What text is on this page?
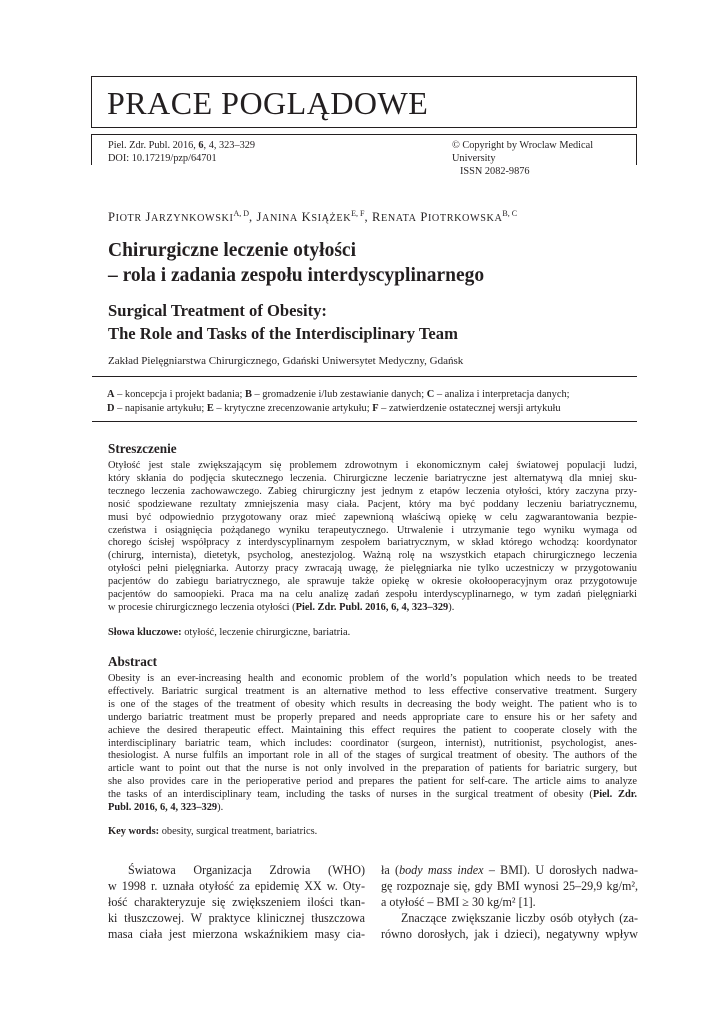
PRACE POGLĄDOWE
Piel. Zdr. Publ. 2016, 6, 4, 323–329
DOI: 10.17219/pzp/64701
© Copyright by Wroclaw Medical University
ISSN 2082-9876
PIOTR $JARZYNKOWSKI^{A, D}$, JANINA $KSIĄŻEK^{E, F}$, RENATA $PIOTRKOWSKA^{B, C}$
Chirurgiczne leczenie otyłości
– rola i zadania zespołu interdyscyplinarnego
Surgical Treatment of Obesity:
The Role and Tasks of the Interdisciplinary Team
Zakład Pielęgniarstwa Chirurgicznego, Gdański Uniwersytet Medyczny, Gdańsk
A – koncepcja i projekt badania; B – gromadzenie i/lub zestawianie danych; C – analiza i interpretacja danych;
D – napisanie artykułu; E – krytyczne zrecenzowanie artykułu; F – zatwierdzenie ostatecznej wersji artykułu
Streszczenie
Otyłość jest stale zwiększającym się problemem zdrowotnym i ekonomicznym całej światowej populacji ludzi,
który skłania do podjęcia skutecznego leczenia. Chirurgiczne leczenie bariatryczne jest alternatywą dla mniej sku-
tecznego leczenia zachowawczego. Zabieg chirurgiczny jest jednym z etapów leczenia otyłości, który zaczyna przy-
nosić spodziewane rezultaty zmniejszenia masy ciała. Pacjent, który ma być poddany leczeniu bariatrycznemu,
musi być odpowiednio przygotowany oraz mieć zapewnioną właściwą opiekę w celu zagwarantowania bezpie-
czeństwa i osiągnięcia pożądanego wyniku terapeutycznego. Utrwalenie i utrzymanie tego wyniku wymaga od
chorego ścisłej współpracy z interdyscyplinarnym zespołem bariatrycznym, w skład którego wchodzą: koordynator
(chirurg, internista), dietetyk, psycholog, anestezjolog. Ważną rolę na wszystkich etapach chirurgicznego leczenia
otyłości pełni pielęgniarka. Autorzy pracy zwracają uwagę, że pielęgniarka nie tylko uczestniczy w przygotowaniu
pacjentów do zabiegu bariatrycznego, ale sprawuje także opiekę w okresie okołooperacyjnym oraz przygotowuje
pacjentów do samoopieki. Praca ma na celu analizę zadań zespołu interdyscyplinarnego, w tym zadań pielęgniarki
w procesie chirurgicznego leczenia otyłości (Piel. Zdr. Publ. 2016, 6, 4, 323–329).
Słowa kluczowe: otyłość, leczenie chirurgiczne, bariatria.
Abstract
Obesity is an ever-increasing health and economic problem of the world’s population which needs to be treated
effectively. Bariatric surgical treatment is an alternative method to less effective conservative treatment. Surgery
is one of the stages of the treatment of obesity which results in decreasing the body weight. The patient who is to
undergo bariatric treatment must be properly prepared and needs appropriate care to ensure his or her safety and
achieve the desired therapeutic effect. Maintaining this effect requires the patient to cooperate closely with the
interdisciplinary bariatric team, which includes: coordinator (surgeon, internist), nutritionist, psychologist, anes-
thesiologist. A nurse fulfils an important role in all of the stages of surgical treatment of obesity. The authors of the
article want to point out that the nurse is not only involved in the preparation of patients for bariatric surgery, but
she also provides care in the perioperative period and prepares the patient for self-care. The article aims to analyze
the tasks of an interdisciplinary team, including the tasks of nurses in the surgical treatment of obesity (Piel. Zdr.
Publ. 2016, 6, 4, 323–329).
Key words: obesity, surgical treatment, bariatrics.
Światowa Organizacja Zdrowia (WHO)
w 1998 r. uznała otyłość za epidemię XX w. Oty-
łość charakteryzuje się zwiększeniem ilości tkan-
ki tłuszczowej. W praktyce klinicznej tłuszczowa
masa ciała jest mierzona wskaźnikiem masy cia-
ła (body mass index – BMI). U dorosłych nadwa-
gę rozpoznaje się, gdy BMI wynosi 25–29,9 kg/m²,
a otyłość – BMI ≥ 30 kg/m² [1].
Znaczące zwiększanie liczby osób otyłych (za-
równo dorosłych, jak i dzieci), negatywny wpływ
